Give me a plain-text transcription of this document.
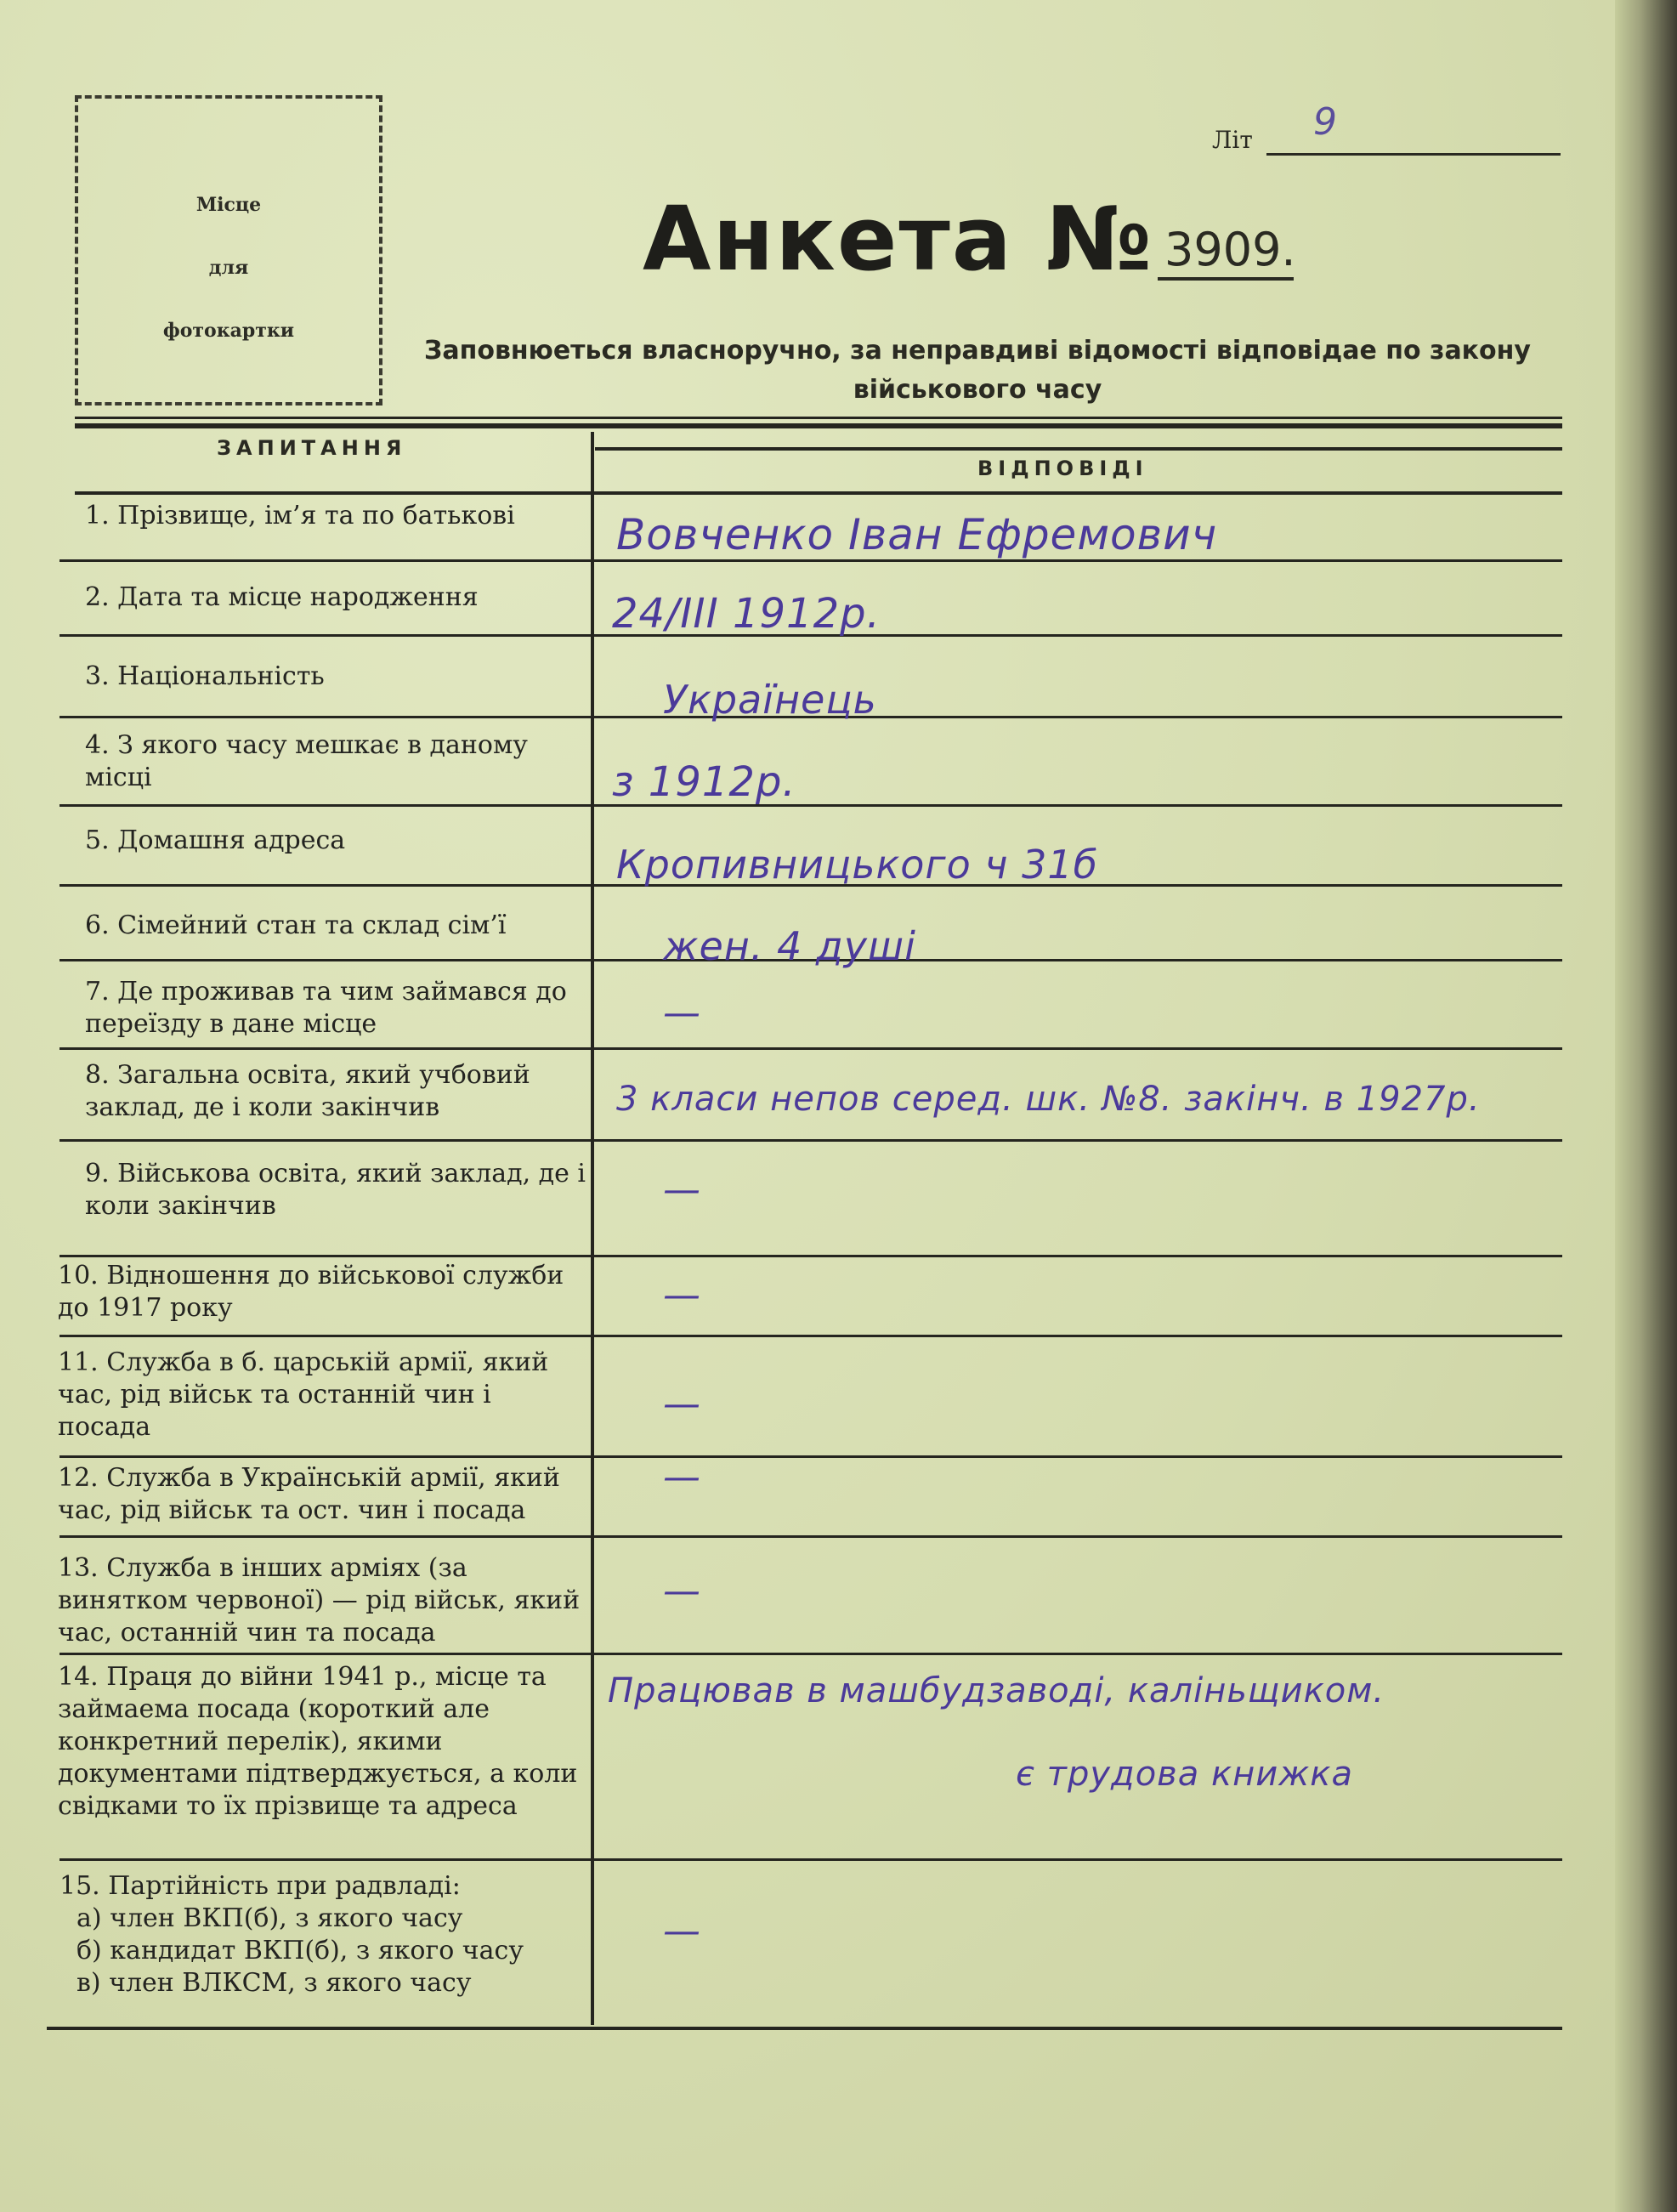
Місце
для
фотокартки
Літ 9
Анкета № 3909.
Заповнюеться власноручно, за неправдиві відомості відповідае по закону військового часу
ЗАПИТАННЯ
ВІДПОВІДІ
1. Прізвище, ім’я та по батькові
2. Дата та місце народження
3. Національність
4. З якого часу мешкає в даному місці
5. Домашня адреса
6. Сімейний стан та склад сім’ї
7. Де проживав та чим займався до переїзду в дане місце
8. Загальна освіта, який учбовий заклад, де і коли закінчив
9. Військова освіта, який заклад, де і коли закінчив
10. Відношення до військової служби до 1917 року
11. Служба в б. царській армії, який час, рід військ та останній чин і посада
12. Служба в Українській армії, який час, рід військ та ост. чин і посада
13. Служба в інших арміях (за винятком червоної) — рід військ, який час, останній чин та посада
14. Праця до війни 1941 р., місце та займаема посада (короткий але конкретний перелік), якими документами підтверджується, а коли свідками то їх прізвище та адреса
15. Партійність при радвладі:
а) член ВКП(б), з якого часу
б) кандидат ВКП(б), з якого часу
в) член ВЛКСМ, з якого часу
Вовченко Іван Ефремович
24/III 1912р.
Українець
з 1912р.
Кропивницького ч 31б
жен. 4 душі
—
3 класи непов серед. шк. №8. закінч. в 1927р.
—
—
—
—
—
Працював в машбудзаводі, каліньщиком.
є трудова книжка
—
